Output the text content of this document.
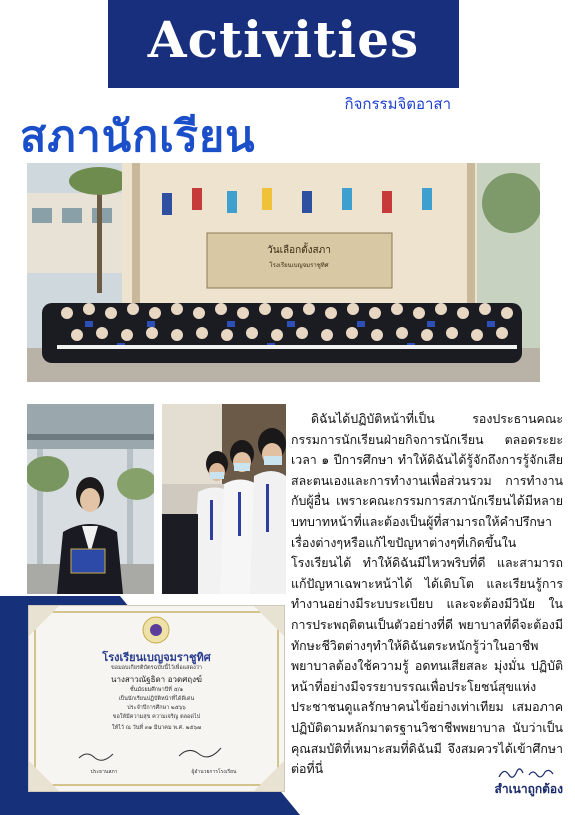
Activities
กิจกรรมจิตอาสา
สภานักเรียน
วันเลือกตั้งสภา
โรงเรียนเบญจมราชูทิศ
โรงเรียนเบญจมราชูทิศ
ขอมอบเกียรติบัตรฉบับนี้ไว้เพื่อแสดงว่า
นางสาวณัฐธิดา อวดศฤงฆ์
ชั้นมัธยมศึกษาปีที่ ๕/๑
เป็นนักเรียนปฏิบัติหน้าที่ได้ดีเด่น
ประจำปีการศึกษา ๒๕๖๖
ขอให้มีความสุข ความเจริญ ตลอดไป
ให้ไว้ ณ วันที่ ๓๑ มีนาคม พ.ศ. ๒๕๖๗
ประธานสภา	ผู้อำนวยการโรงเรียน
ดิฉันได้ปฏิบัติหน้าที่เป็น รองประธานคณะกรรมการนักเรียนฝ่ายกิจการนักเรียน ตลอดระยะเวลา ๑ ปีการศึกษา ทำให้ดิฉันได้รู้จักถึงการรู้จักเสียสละตนเองและการทำงานเพื่อส่วนรวม การทำงานกับผู้อื่น เพราะคณะกรรมการสภานักเรียนได้มีหลายบทบาทหน้าที่และต้องเป็นผู้ที่สามารถให้คำปรึกษาเรื่องต่างๆหรือแก้ไขปัญหาต่างๆที่เกิดขึ้นใน โรงเรียนได้ ทำให้ดิฉันมีไหวพริบที่ดี และสามารถแก้ปัญหาเฉพาะหน้าได้ ได้เติบโต และเรียนรู้การทำงานอย่างมีระบบระเบียบ และจะต้องมีวินัย ในการประพฤติตนเป็นตัวอย่างที่ดี พยาบาลที่ดีจะต้องมีทักษะชีวิตต่างๆทำให้ดิฉันตระหนักรู้ว่าในอาชีพพยาบาลต้องใช้ความรู้ อดทนเสียสละ มุ่งมั่น ปฏิบัติหน้าที่อย่างมีจรรยาบรรณเพื่อประโยชน์สุขแห่งประชาชนดูแลรักษาคนไข้อย่างเท่าเทียม เสมอภาค ปฏิบัติตามหลักมาตรฐานวิชาชีพพยาบาล นับว่าเป็นคุณสมบัติที่เหมาะสมที่ดิฉันมี จึงสมควรได้เข้าศึกษาต่อที่นี่
สำเนาถูกต้อง
